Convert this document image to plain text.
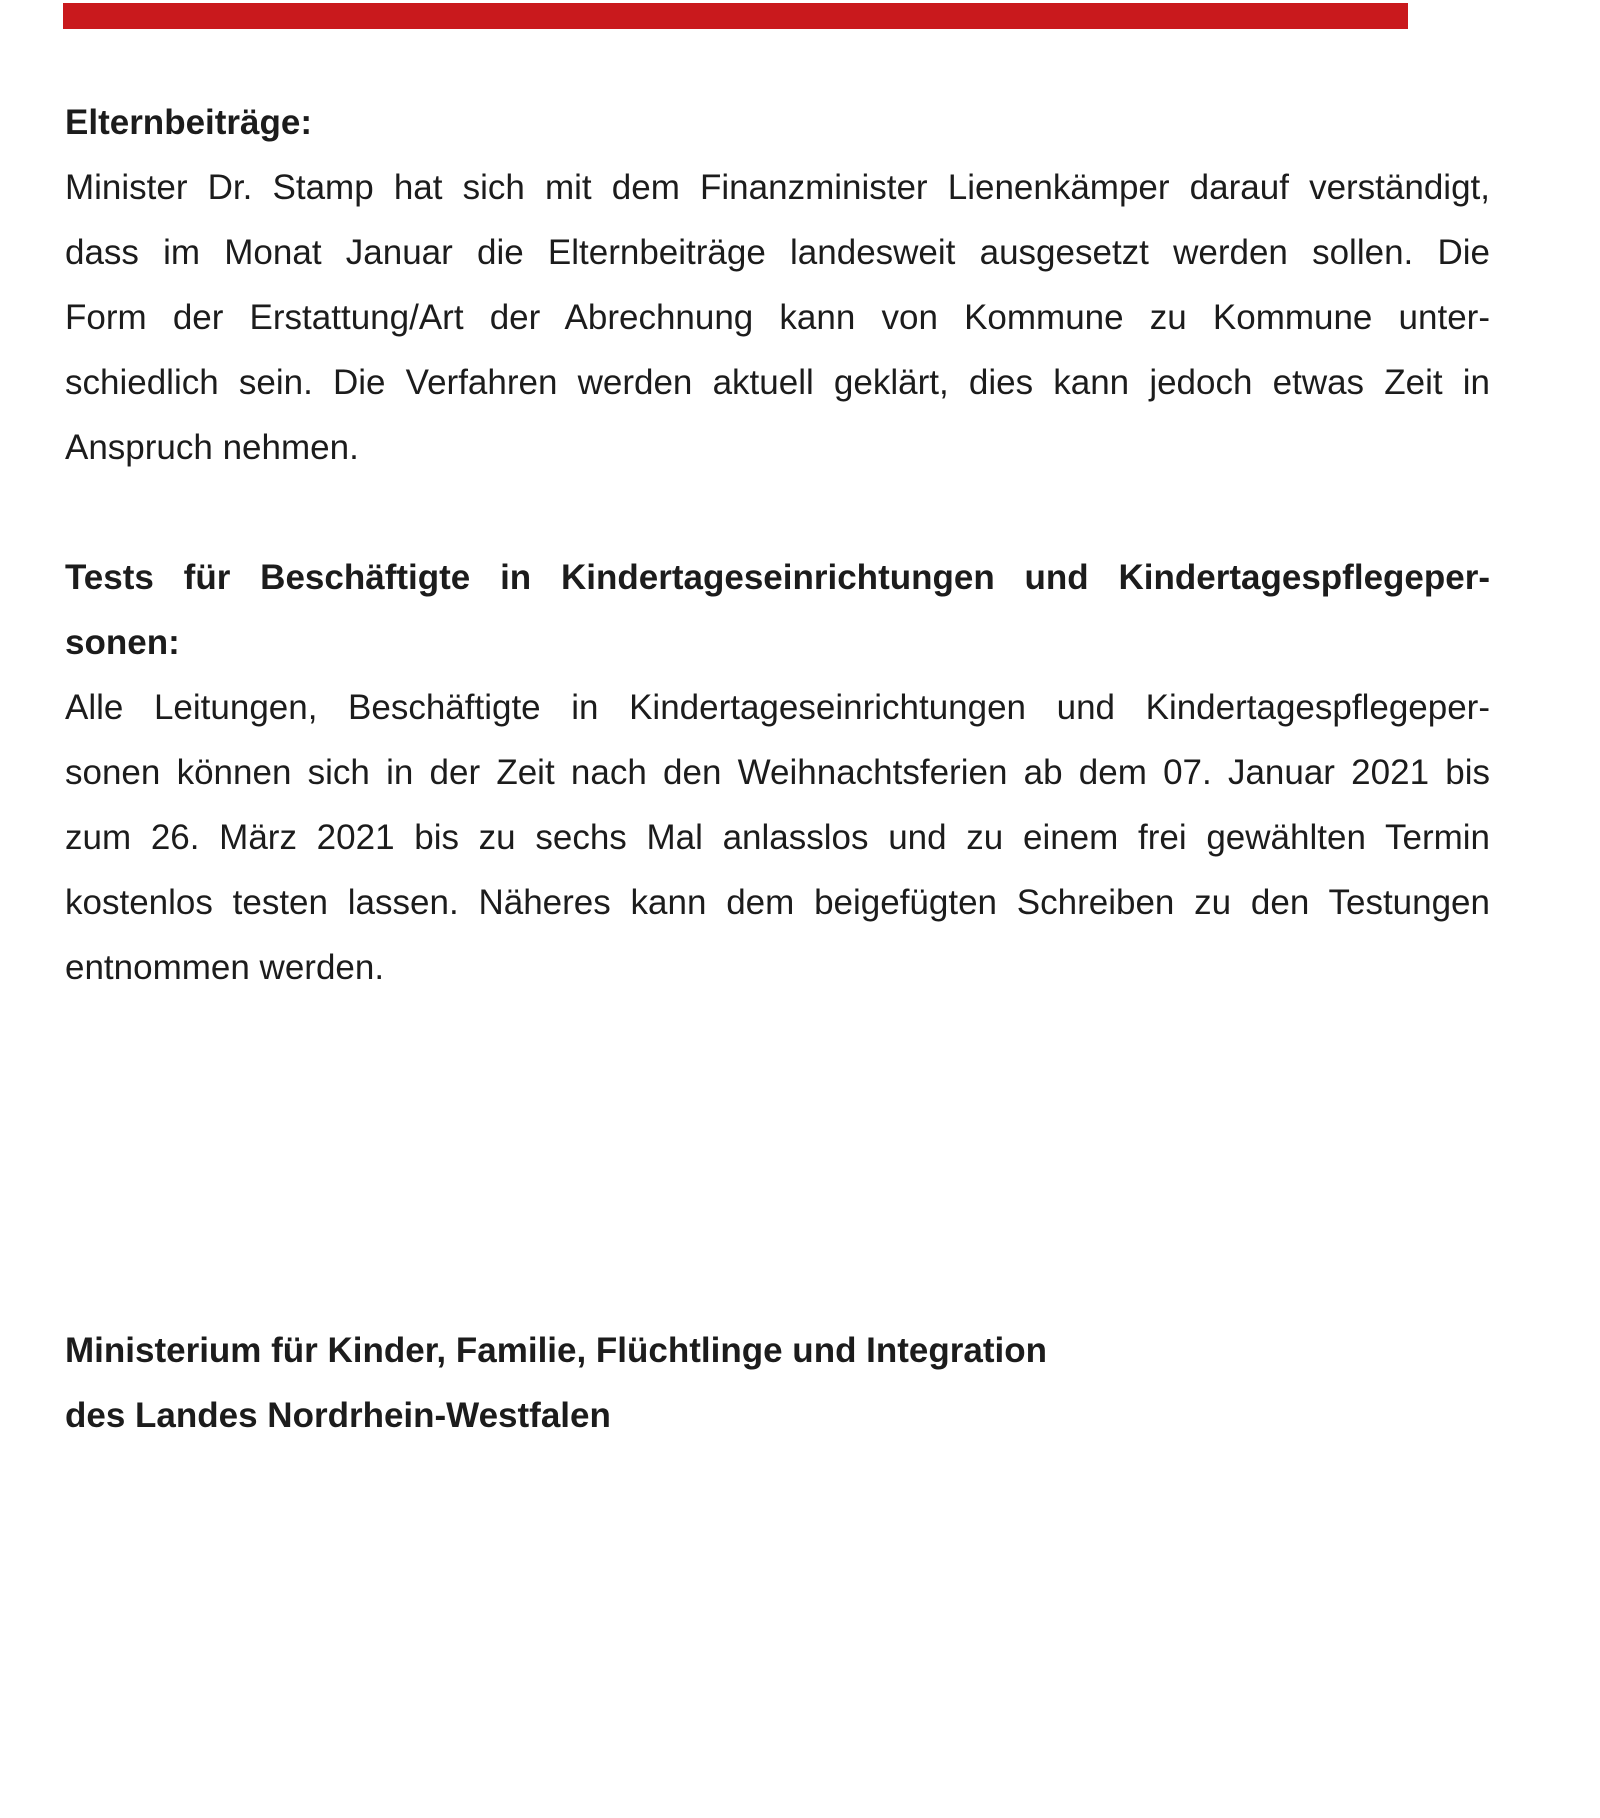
Elternbeiträge:
Minister Dr. Stamp hat sich mit dem Finanzminister Lienenkämper darauf verständigt,
dass im Monat Januar die Elternbeiträge landesweit ausgesetzt werden sollen. Die
Form der Erstattung/Art der Abrechnung kann von Kommune zu Kommune unter-
schiedlich sein. Die Verfahren werden aktuell geklärt, dies kann jedoch etwas Zeit in
Anspruch nehmen.
Tests für Beschäftigte in Kindertageseinrichtungen und Kindertagespflegeper-
sonen:
Alle Leitungen, Beschäftigte in Kindertageseinrichtungen und Kindertagespflegeper-
sonen können sich in der Zeit nach den Weihnachtsferien ab dem 07. Januar 2021 bis
zum 26. März 2021 bis zu sechs Mal anlasslos und zu einem frei gewählten Termin
kostenlos testen lassen. Näheres kann dem beigefügten Schreiben zu den Testungen
entnommen werden.
Ministerium für Kinder, Familie, Flüchtlinge und Integration
des Landes Nordrhein-Westfalen
